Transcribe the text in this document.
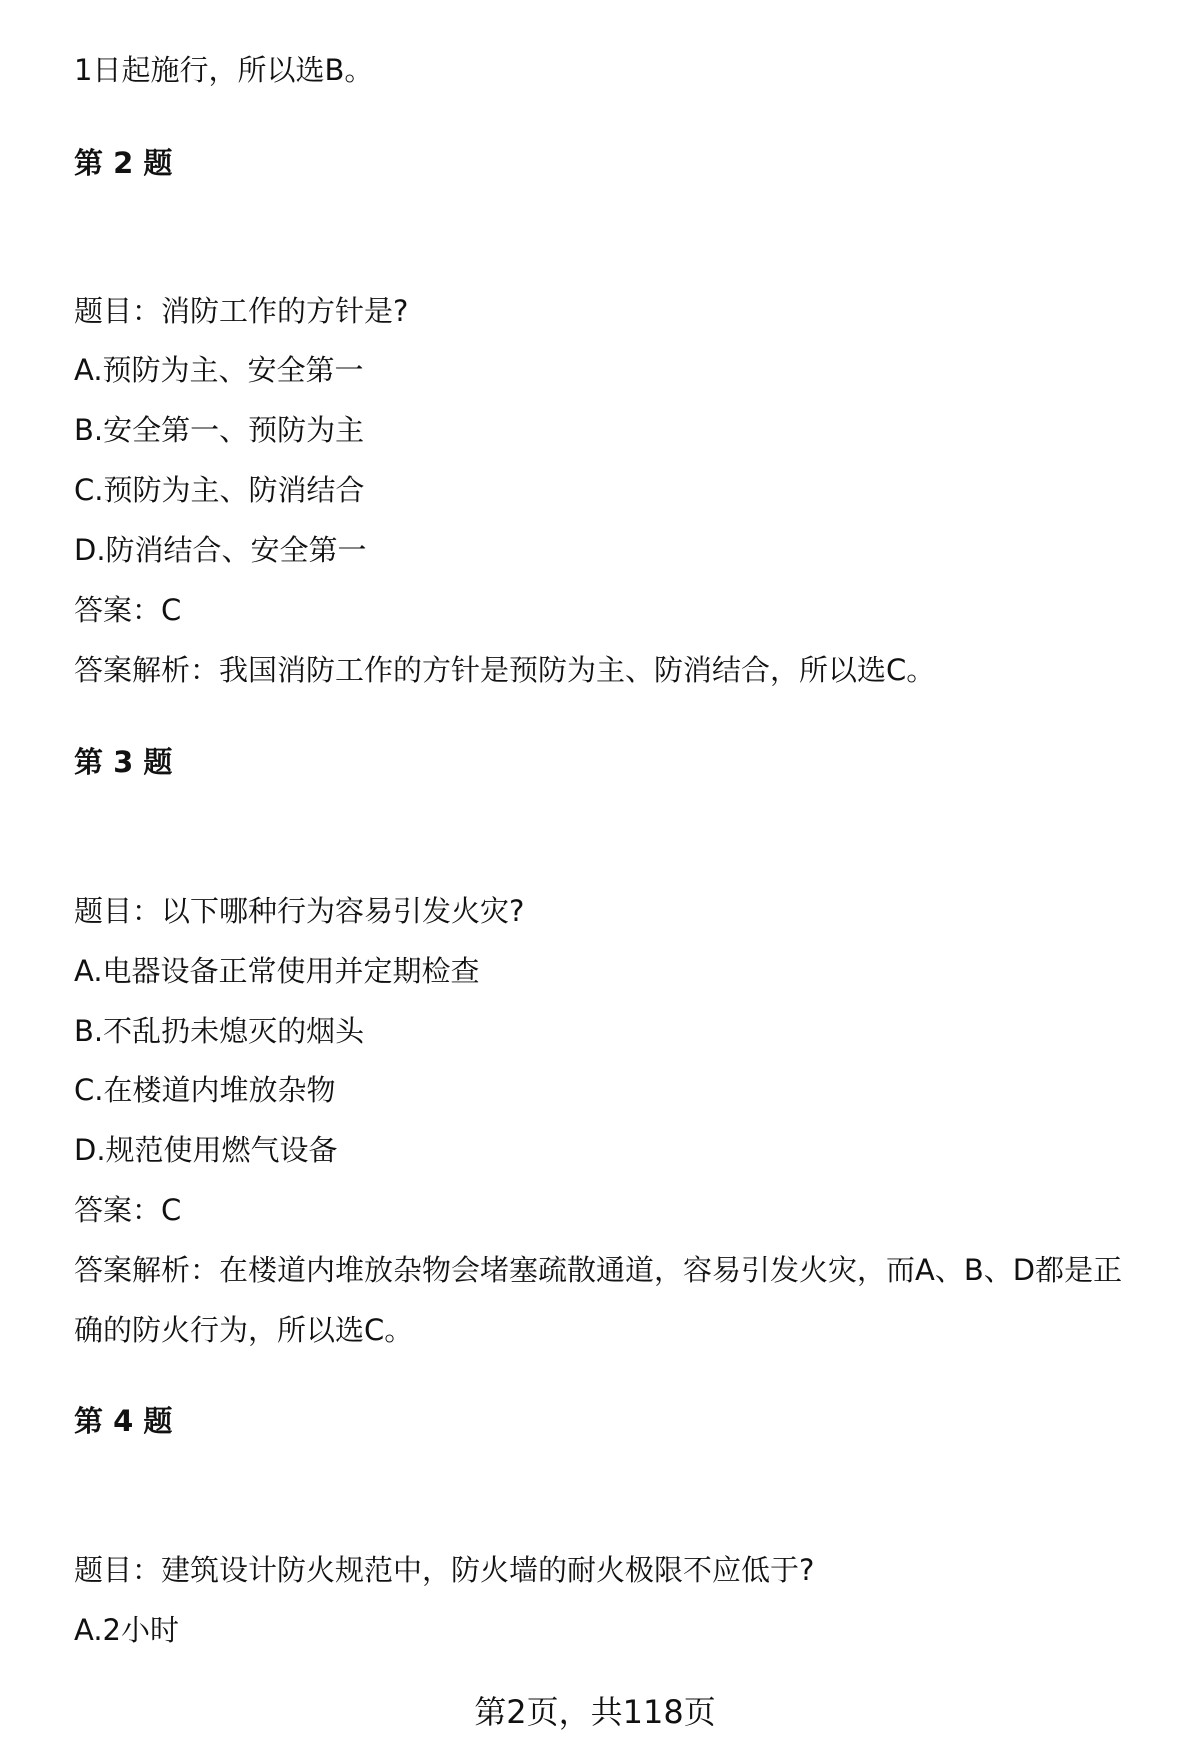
1日起施行，所以选B。
第 2 题
题目：消防工作的方针是?
A.预防为主、安全第一
B.安全第一、预防为主
C.预防为主、防消结合
D.防消结合、安全第一
答案：C
答案解析：我国消防工作的方针是预防为主、防消结合，所以选C。
第 3 题
题目：以下哪种行为容易引发火灾?
A.电器设备正常使用并定期检查
B.不乱扔未熄灭的烟头
C.在楼道内堆放杂物
D.规范使用燃气设备
答案：C
答案解析：在楼道内堆放杂物会堵塞疏散通道，容易引发火灾，而A、B、D都是正
确的防火行为，所以选C。
第 4 题
题目：建筑设计防火规范中，防火墙的耐火极限不应低于?
A.2小时
第2页，共118页
